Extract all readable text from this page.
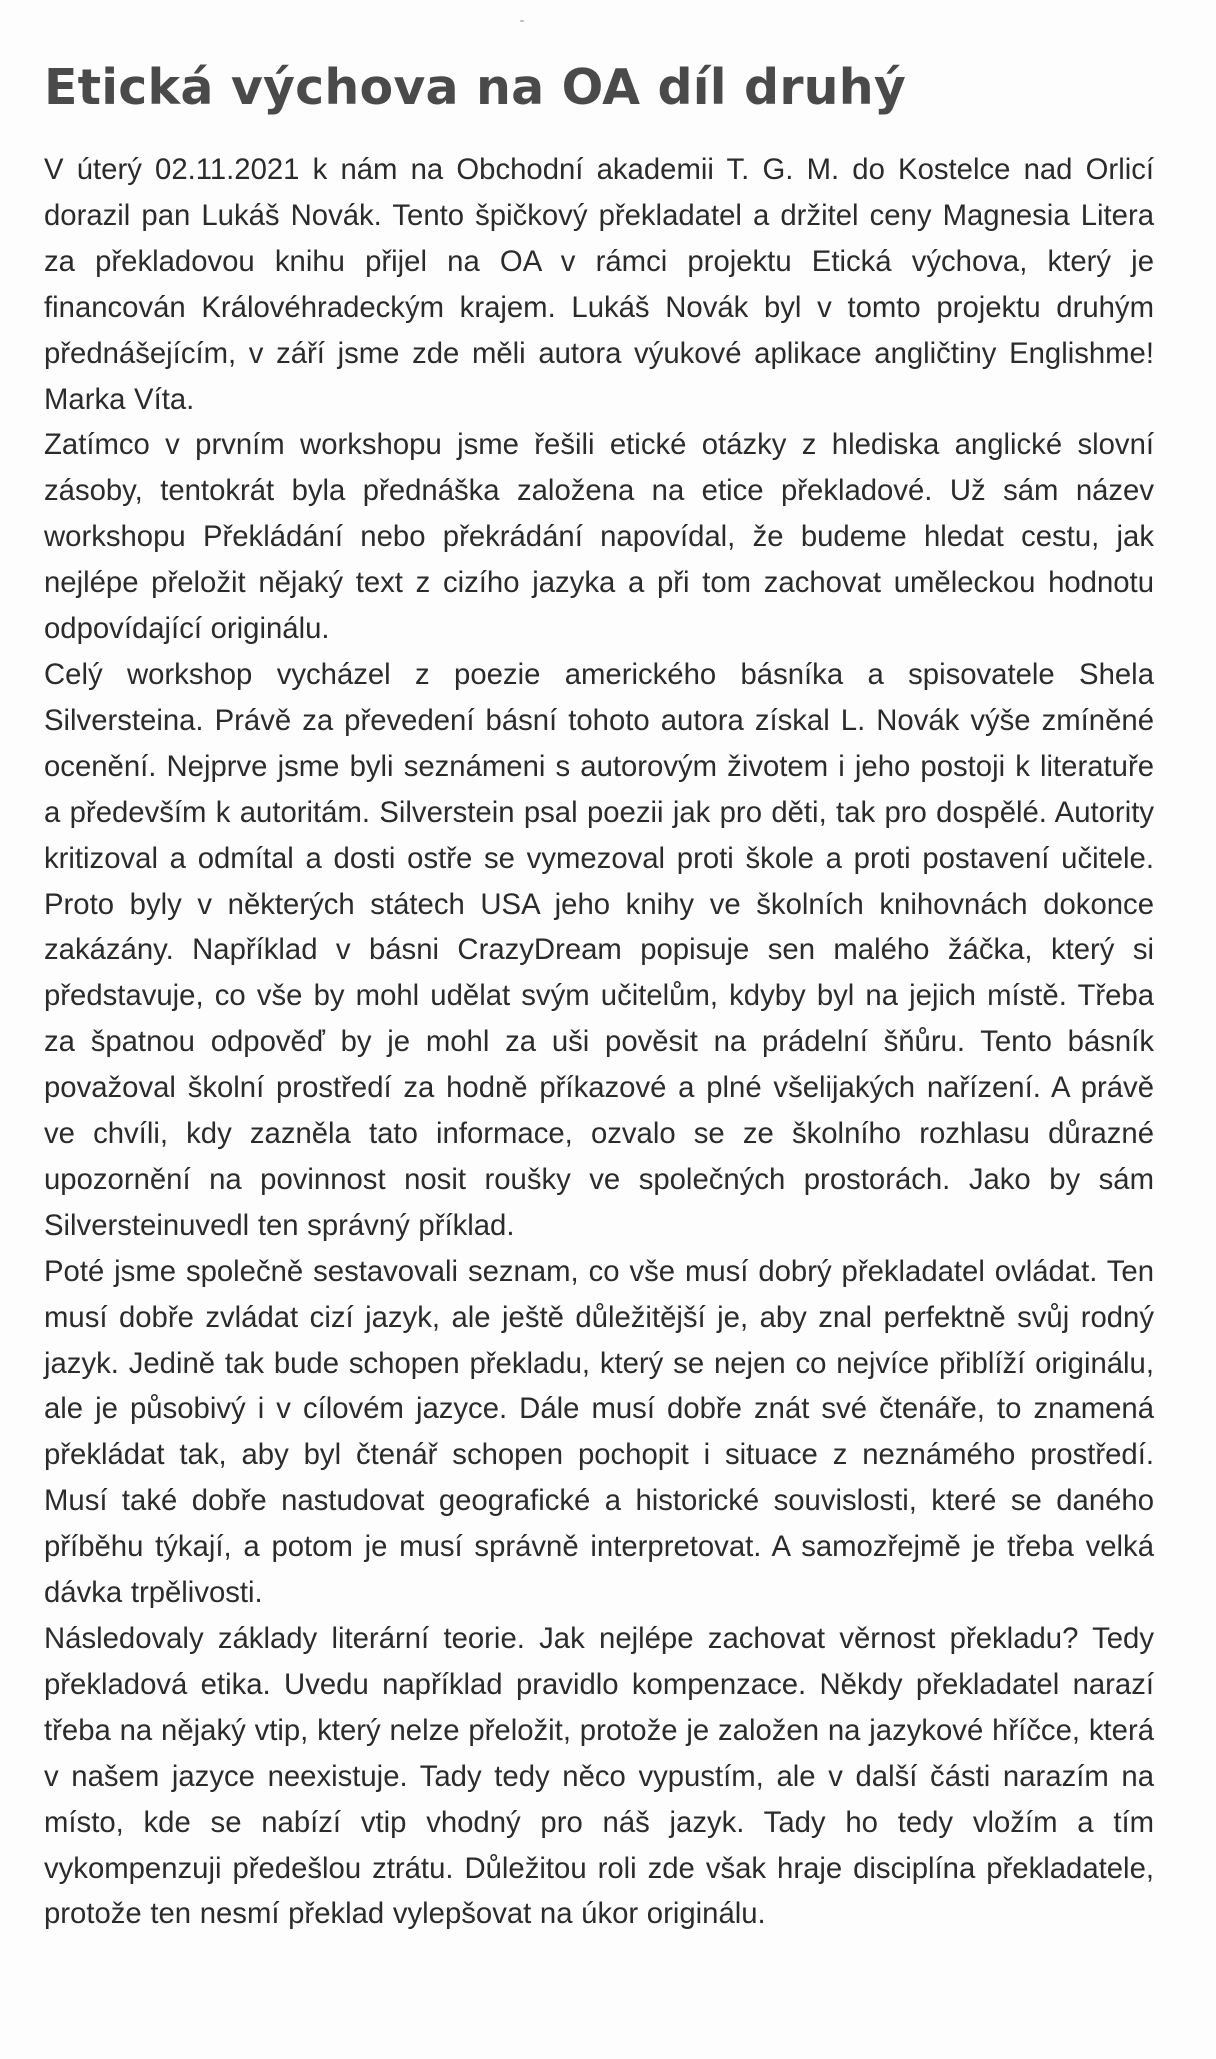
Etická výchova na OA díl druhý

V úterý 02.11.2021 k nám na Obchodní akademii T. G. M. do Kostelce nad Orlicí dorazil pan Lukáš Novák. Tento špičkový překladatel a držitel ceny Magnesia Litera za překladovou knihu přijel na OA v rámci projektu Etická výchova, který je financován Královéhradeckým krajem. Lukáš Novák byl v tomto projektu druhým přednášejícím, v září jsme zde měli autora výukové aplikace angličtiny Englishme! Marka Víta.

Zatímco v prvním workshopu jsme řešili etické otázky z hlediska anglické slovní zásoby, tentokrát byla přednáška založena na etice překladové. Už sám název workshopu Překládání nebo překrádání napovídal, že budeme hledat cestu, jak nejlépe přeložit nějaký text z cizího jazyka a při tom zachovat uměleckou hodnotu odpovídající originálu.

Celý workshop vycházel z poezie amerického básníka a spisovatele Shela Silversteina. Právě za převedení básní tohoto autora získal L. Novák výše zmíněné ocenění. Nejprve jsme byli seznámeni s autorovým životem i jeho postoji k literatuře a především k autoritám. Silverstein psal poezii jak pro děti, tak pro dospělé. Autority kritizoval a odmítal a dosti ostře se vymezoval proti škole a proti postavení učitele. Proto byly v některých státech USA jeho knihy ve školních knihovnách dokonce zakázány. Například v básni CrazyDream popisuje sen malého žáčka, který si představuje, co vše by mohl udělat svým učitelům, kdyby byl na jejich místě. Třeba za špatnou odpověď by je mohl za uši pověsit na prádelní šňůru. Tento básník považoval školní prostředí za hodně příkazové a plné všelijakých nařízení. A právě ve chvíli, kdy zazněla tato informace, ozvalo se ze školního rozhlasu důrazné upozornění na povinnost nosit roušky ve společných prostorách. Jako by sám Silversteinuvedl ten správný příklad.

Poté jsme společně sestavovali seznam, co vše musí dobrý překladatel ovládat. Ten musí dobře zvládat cizí jazyk, ale ještě důležitější je, aby znal perfektně svůj rodný jazyk. Jedině tak bude schopen překladu, který se nejen co nejvíce přiblíží originálu, ale je působivý i v cílovém jazyce. Dále musí dobře znát své čtenáře, to znamená překládat tak, aby byl čtenář schopen pochopit i situace z neznámého prostředí. Musí také dobře nastudovat geografické a historické souvislosti, které se daného příběhu týkají, a potom je musí správně interpretovat. A samozřejmě je třeba velká dávka trpělivosti.

Následovaly základy literární teorie. Jak nejlépe zachovat věrnost překladu? Tedy překladová etika. Uvedu například pravidlo kompenzace. Někdy překladatel narazí třeba na nějaký vtip, který nelze přeložit, protože je založen na jazykové hříčce, která v našem jazyce neexistuje. Tady tedy něco vypustím, ale v další části narazím na místo, kde se nabízí vtip vhodný pro náš jazyk. Tady ho tedy vložím a tím vykompenzuji předešlou ztrátu. Důležitou roli zde však hraje disciplína překladatele, protože ten nesmí překlad vylepšovat na úkor originálu.
